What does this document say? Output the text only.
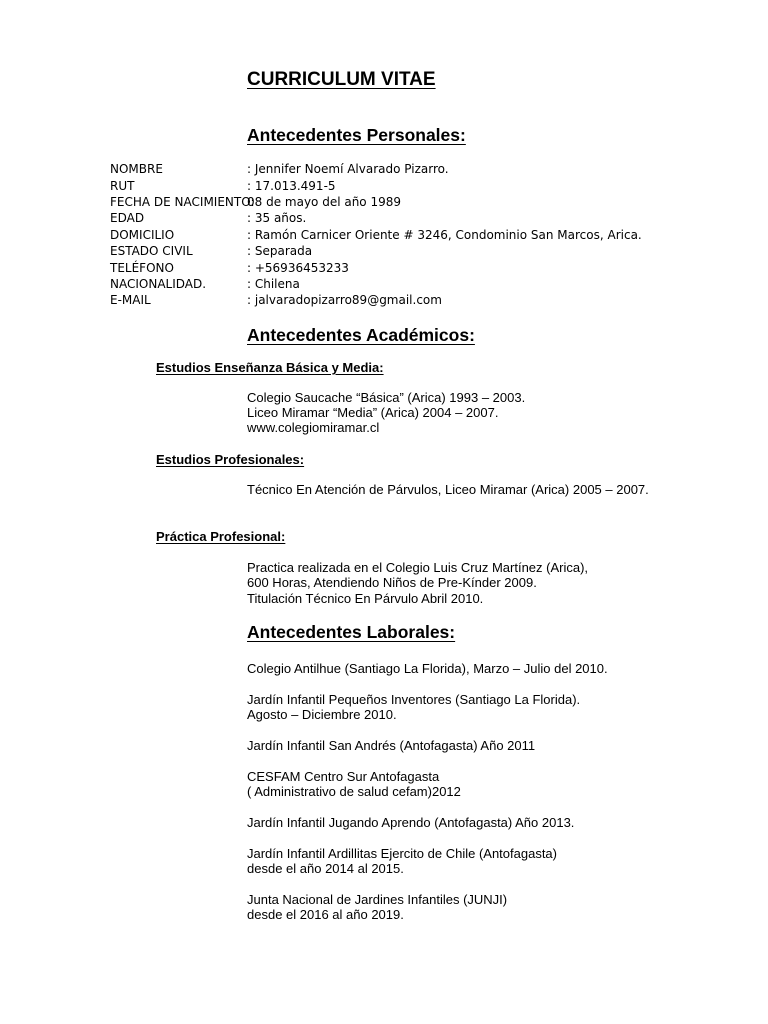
CURRICULUM VITAE
Antecedentes Personales:
NOMBRE	: Jennifer Noemí Alvarado Pizarro.
RUT	: 17.013.491-5
FECHA DE NACIMIENTO:
08 de mayo del año 1989
EDAD	: 35 años.
DOMICILIO	: Ramón Carnicer Oriente # 3246, Condominio San Marcos, Arica.
ESTADO CIVIL	: Separada
TELÉFONO	: +56936453233
NACIONALIDAD.	: Chilena
E-MAIL	: jalvaradopizarro89@gmail.com
Antecedentes Académicos:
Estudios Enseñanza Básica y Media:
Colegio Saucache “Básica” (Arica) 1993 – 2003.
Liceo Miramar “Media” (Arica) 2004 – 2007.
www.colegiomiramar.cl
Estudios Profesionales:
Técnico En Atención de Párvulos, Liceo Miramar (Arica) 2005 – 2007.
Práctica Profesional:
Practica realizada en el Colegio Luis Cruz Martínez (Arica),
600 Horas, Atendiendo Niños de Pre-Kínder 2009.
Titulación Técnico En Párvulo Abril 2010.
Antecedentes Laborales:
Colegio Antilhue (Santiago La Florida), Marzo – Julio del 2010.
Jardín Infantil Pequeños Inventores (Santiago La Florida).
Agosto – Diciembre 2010.
Jardín Infantil San Andrés (Antofagasta) Año 2011
CESFAM Centro Sur Antofagasta
( Administrativo de salud cefam)2012
Jardín Infantil Jugando Aprendo (Antofagasta) Año 2013.
Jardín Infantil Ardillitas Ejercito de Chile (Antofagasta)
desde el año 2014 al 2015.
Junta Nacional de Jardines Infantiles (JUNJI)
desde el 2016 al año 2019.
